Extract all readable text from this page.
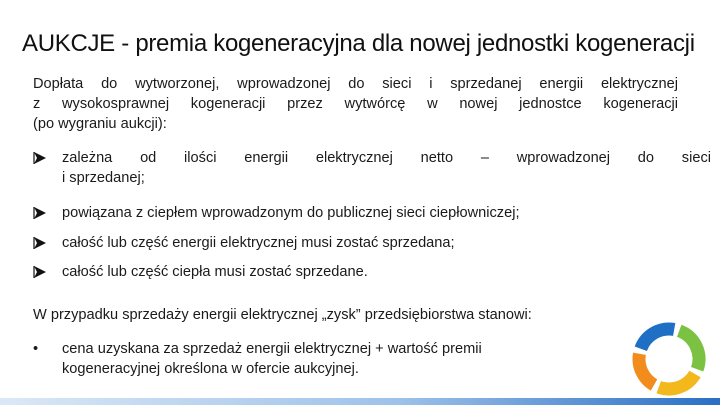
AUKCJE - premia kogeneracyjna dla nowej jednostki kogeneracji
Dopłata do wytworzonej, wprowadzonej do sieci i sprzedanej energii elektrycznej
z wysokosprawnej kogeneracji przez wytwórcę w nowej jednostce kogeneracji
(po wygraniu aukcji):
zależna od ilości energii elektrycznej netto – wprowadzonej do sieci
i sprzedanej;
powiązana z ciepłem wprowadzonym do publicznej sieci ciepłowniczej;
całość lub część energii elektrycznej musi zostać sprzedana;
całość lub część ciepła musi zostać sprzedane.
W przypadku sprzedaży energii elektrycznej „zysk” przedsiębiorstwa stanowi:
• cena uzyskana za sprzedaż energii elektrycznej + wartość premii
kogeneracyjnej określona w ofercie aukcyjnej.
